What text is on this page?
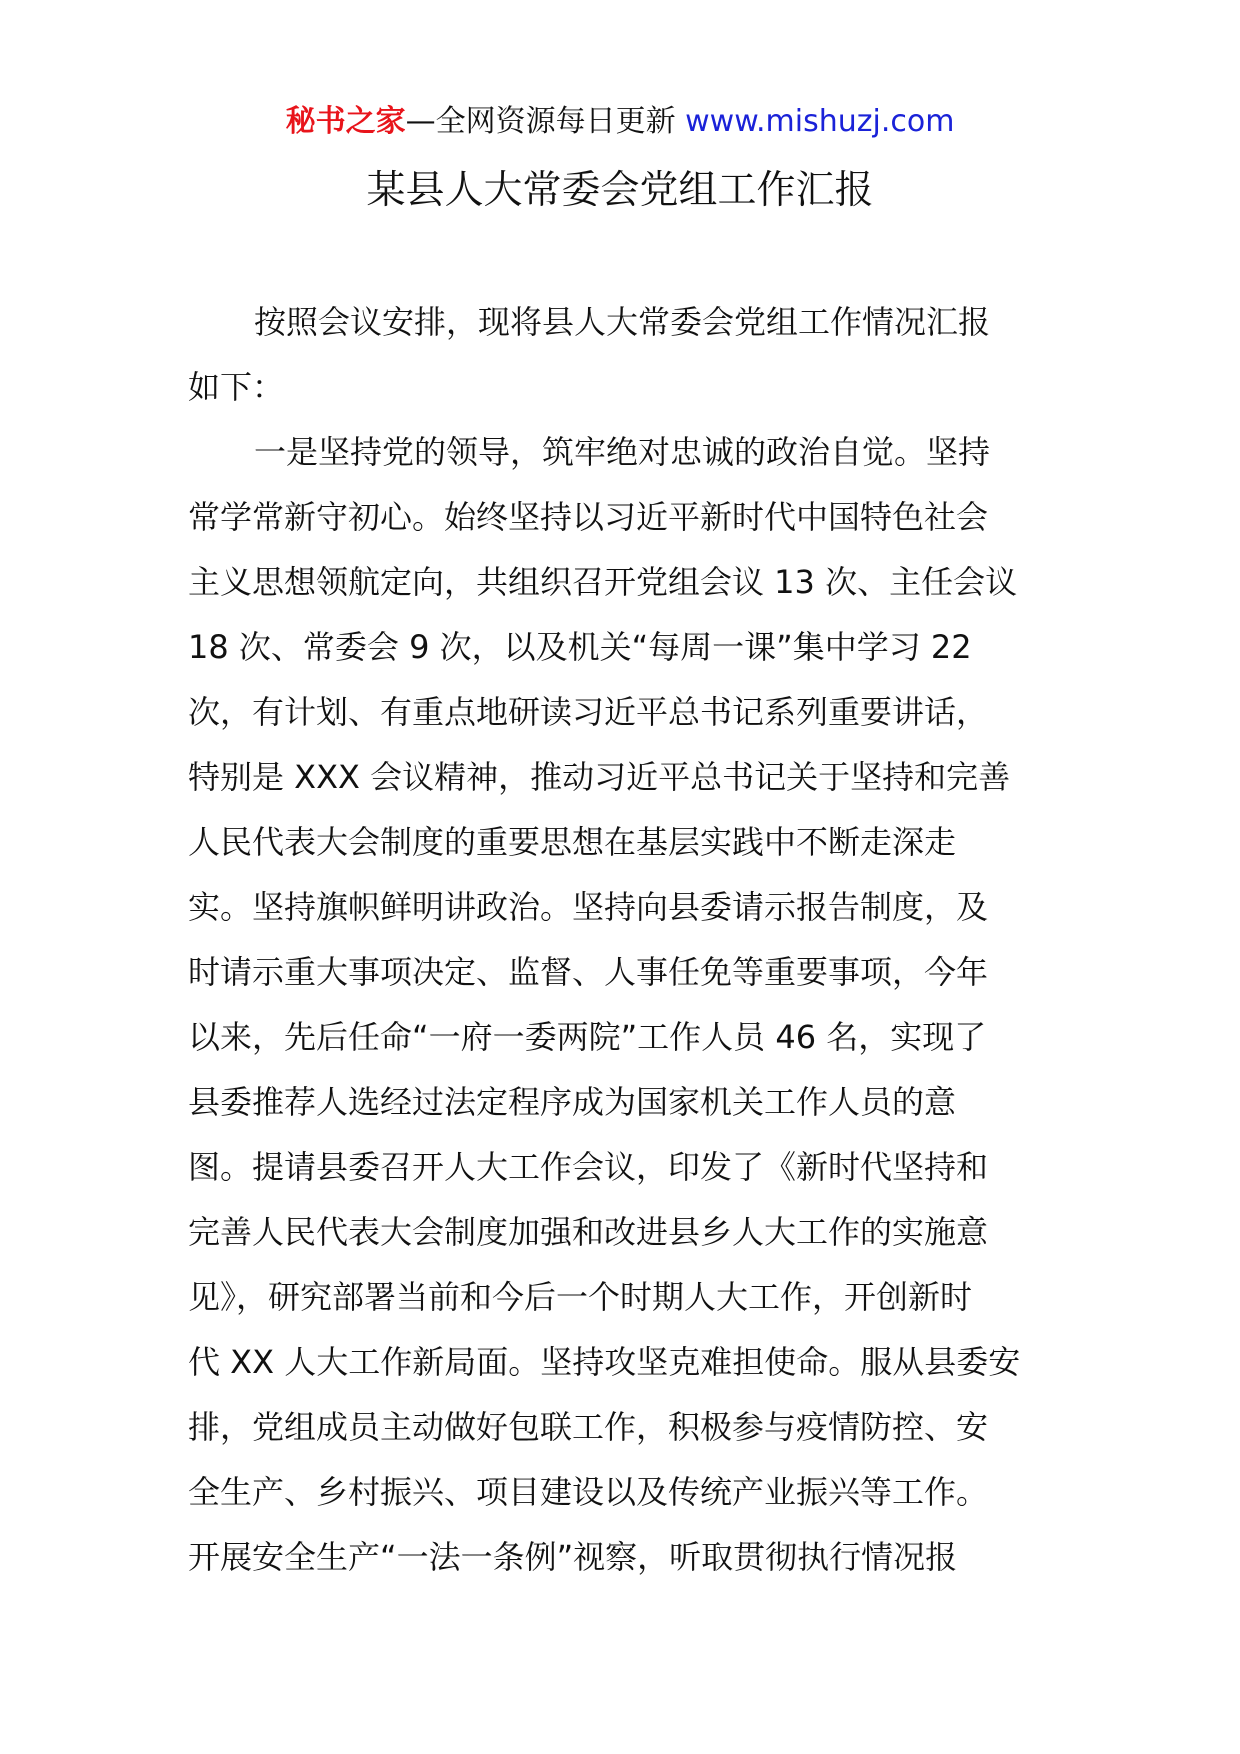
秘书之家—全网资源每日更新 www.mishuzj.com
某县人大常委会党组工作汇报
按照会议安排，现将县人大常委会党组工作情况汇报
如下：
一是坚持党的领导，筑牢绝对忠诚的政治自觉。坚持
常学常新守初心。始终坚持以习近平新时代中国特色社会
主义思想领航定向，共组织召开党组会议 13 次、主任会议
18 次、常委会 9 次，以及机关“每周一课”集中学习 22
次，有计划、有重点地研读习近平总书记系列重要讲话，
特别是 XXX 会议精神，推动习近平总书记关于坚持和完善
人民代表大会制度的重要思想在基层实践中不断走深走
实。坚持旗帜鲜明讲政治。坚持向县委请示报告制度，及
时请示重大事项决定、监督、人事任免等重要事项，今年
以来，先后任命“一府一委两院”工作人员 46 名，实现了
县委推荐人选经过法定程序成为国家机关工作人员的意
图。提请县委召开人大工作会议，印发了《新时代坚持和
完善人民代表大会制度加强和改进县乡人大工作的实施意
见》，研究部署当前和今后一个时期人大工作，开创新时
代 XX 人大工作新局面。坚持攻坚克难担使命。服从县委安
排，党组成员主动做好包联工作，积极参与疫情防控、安
全生产、乡村振兴、项目建设以及传统产业振兴等工作。
开展安全生产“一法一条例”视察，听取贯彻执行情况报
